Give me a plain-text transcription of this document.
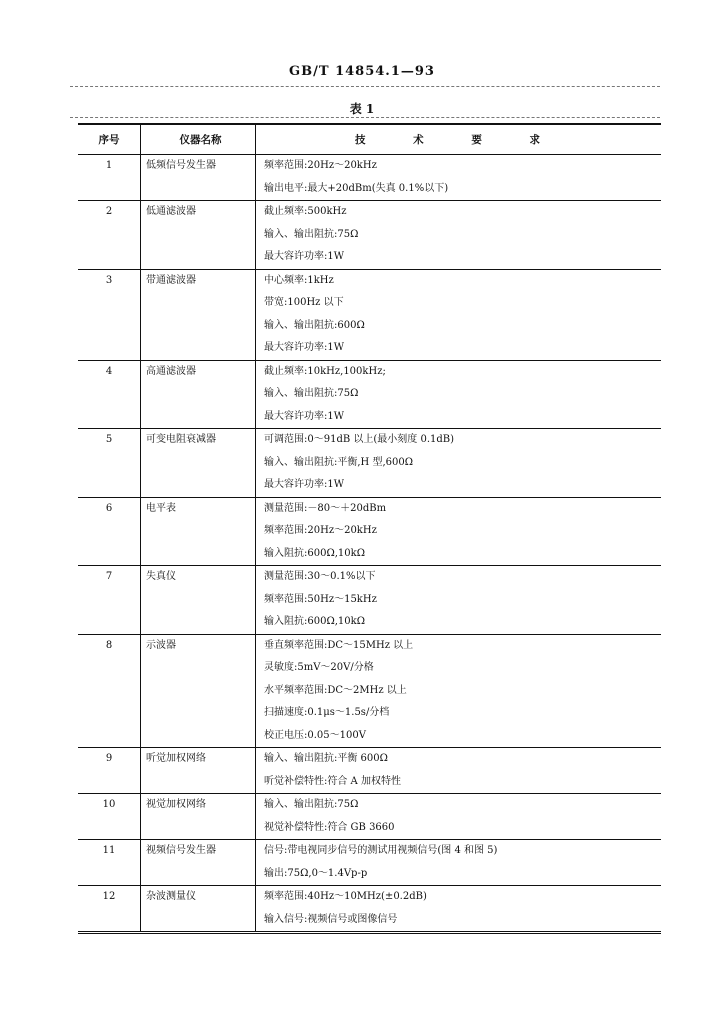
GB/T 14854.1—93
表 1
序号	仪器名称	技 术 要 求

1	低频信号发生器	频率范围:20Hz～20kHz
输出电平:最大+20dBm(失真 0.1%以下)

2	低通滤波器	截止频率:500kHz
输入、输出阻抗:75Ω
最大容许功率:1W

3	带通滤波器	中心频率:1kHz
带宽:100Hz 以下
输入、输出阻抗:600Ω
最大容许功率:1W

4	高通滤波器	截止频率:10kHz,100kHz;
输入、输出阻抗:75Ω
最大容许功率:1W

5	可变电阻衰减器	可调范围:0～91dB 以上(最小刻度 0.1dB)
输入、输出阻抗:平衡,H 型,600Ω
最大容许功率:1W

6	电平表	测量范围:－80～＋20dBm
频率范围:20Hz～20kHz
输入阻抗:600Ω,10kΩ

7	失真仪	测量范围:30～0.1%以下
频率范围:50Hz～15kHz
输入阻抗:600Ω,10kΩ

8	示波器	垂直频率范围:DC～15MHz 以上
灵敏度:5mV～20V/分格
水平频率范围:DC～2MHz 以上
扫描速度:0.1μs～1.5s/分档
校正电压:0.05～100V

9	听觉加权网络	输入、输出阻抗:平衡 600Ω
听觉补偿特性:符合 A 加权特性

10	视觉加权网络	输入、输出阻抗:75Ω
视觉补偿特性:符合 GB 3660

11	视频信号发生器	信号:带电视同步信号的测试用视频信号(图 4 和图 5)
输出:75Ω,0～1.4Vp-p

12	杂波测量仪	频率范围:40Hz～10MHz(±0.2dB)
输入信号:视频信号或图像信号
